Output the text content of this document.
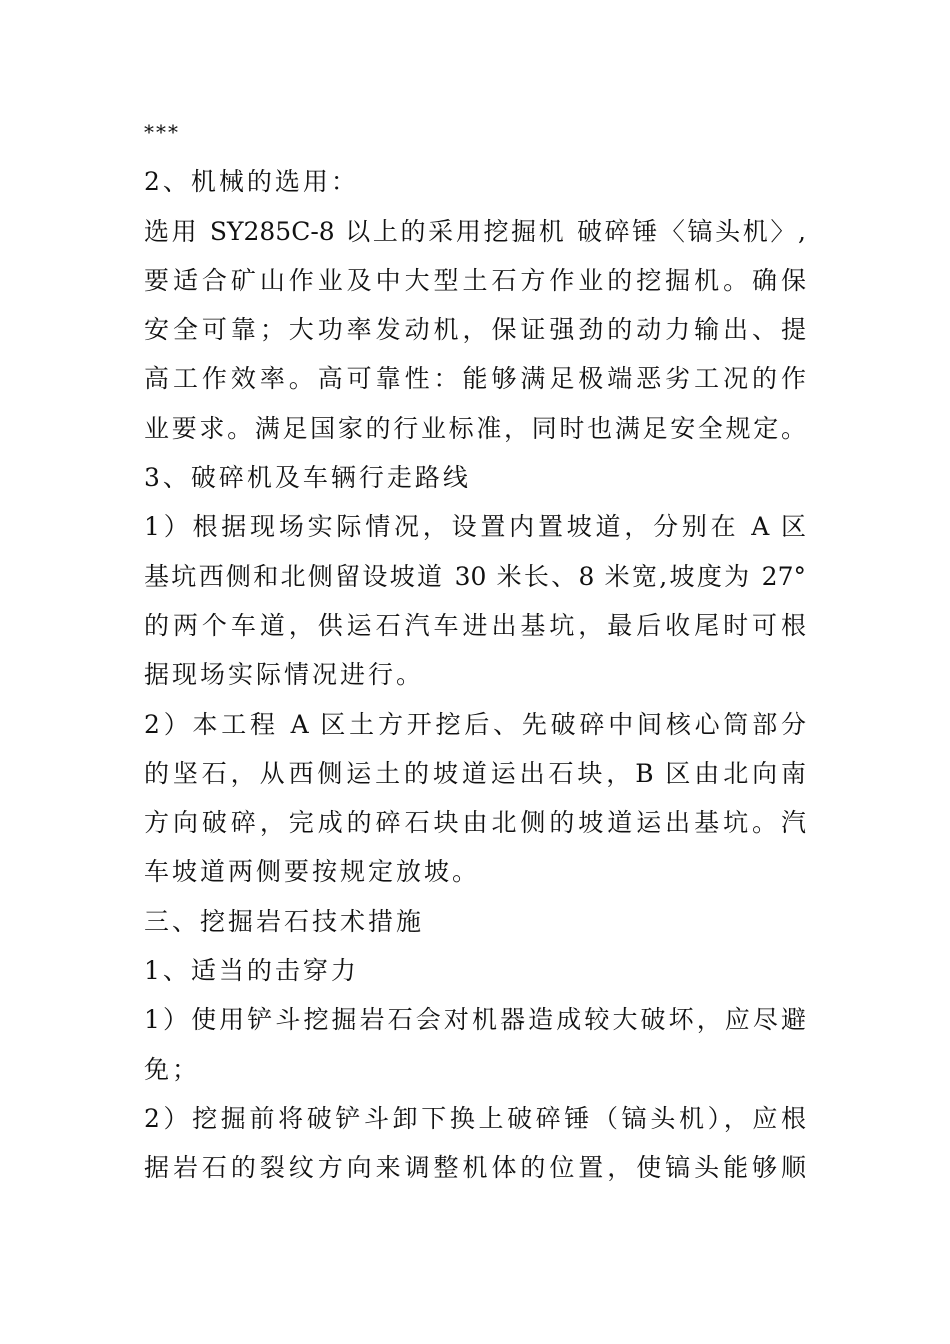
***
2、机械的选用：
选用 SY285C-8 以上的采用挖掘机 破碎锤〈镐头机〉,
要适合矿山作业及中大型土石方作业的挖掘机。确保
安全可靠；大功率发动机，保证强劲的动力输出、提
高工作效率。高可靠性：能够满足极端恶劣工况的作
业要求。满足国家的行业标准，同时也满足安全规定。
3、破碎机及车辆行走路线
1）根据现场实际情况，设置内置坡道，分别在 A 区
基坑西侧和北侧留设坡道 30 米长、8 米宽,坡度为 27°
的两个车道，供运石汽车进出基坑，最后收尾时可根
据现场实际情况进行。
2）本工程 A 区土方开挖后、先破碎中间核心筒部分
的坚石，从西侧运土的坡道运出石块，B 区由北向南
方向破碎，完成的碎石块由北侧的坡道运出基坑。汽
车坡道两侧要按规定放坡。
三、挖掘岩石技术措施
1、适当的击穿力
1）使用铲斗挖掘岩石会对机器造成较大破坏，应尽避
免；
2）挖掘前将破铲斗卸下换上破碎锤（镐头机），应根
据岩石的裂纹方向来调整机体的位置，使镐头能够顺
